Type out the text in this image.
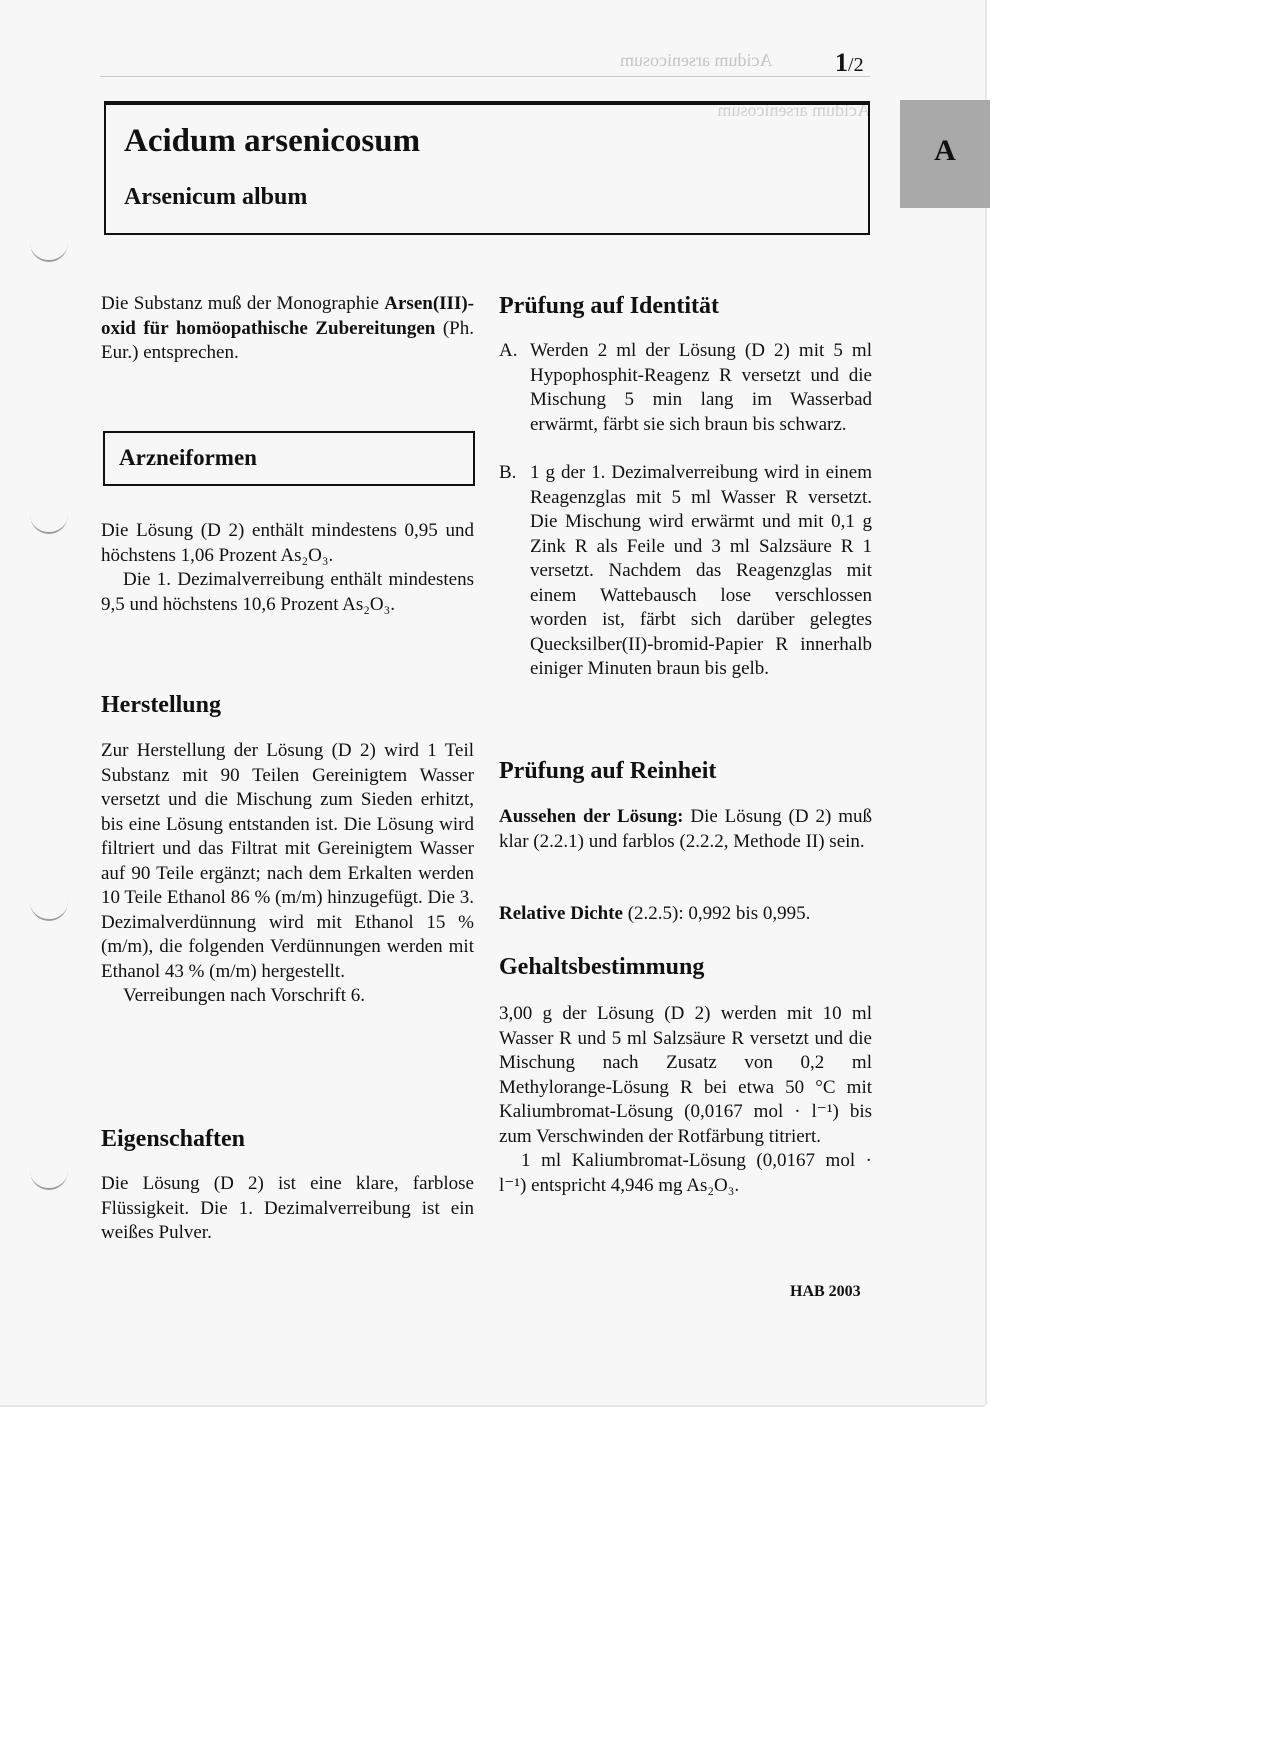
Acidum arsenicosum
Acidum arsenicosum 1/2
A
Acidum arsenicosum
Arsenicum album

Die Substanz muß der Monographie Arsen(III)-oxid für homöopathische Zubereitungen (Ph. Eur.) entsprechen.

Arzneiformen

Die Lösung (D 2) enthält mindestens 0,95 und höchstens 1,06 Prozent As₂O₃.

Die 1. Dezimalverreibung enthält mindestens 9,5 und höchstens 10,6 Prozent As₂O₃.

Herstellung

Zur Herstellung der Lösung (D 2) wird 1 Teil Substanz mit 90 Teilen Gereinigtem Wasser versetzt und die Mischung zum Sieden erhitzt, bis eine Lösung entstanden ist. Die Lösung wird filtriert und das Filtrat mit Gereinigtem Wasser auf 90 Teile ergänzt; nach dem Erkalten werden 10 Teile Ethanol 86 % (m/m) hinzugefügt. Die 3. Dezimalverdünnung wird mit Ethanol 15 % (m/m), die folgenden Verdünnungen werden mit Ethanol 43 % (m/m) hergestellt.

Verreibungen nach Vorschrift 6.

Eigenschaften

Die Lösung (D 2) ist eine klare, farblose Flüssigkeit. Die 1. Dezimalverreibung ist ein weißes Pulver.

Prüfung auf Identität
A. Werden 2 ml der Lösung (D 2) mit 5 ml Hypophosphit-Reagenz R versetzt und die Mischung 5 min lang im Wasserbad erwärmt, färbt sie sich braun bis schwarz.
B. 1 g der 1. Dezimalverreibung wird in einem Reagenzglas mit 5 ml Wasser R versetzt. Die Mischung wird erwärmt und mit 0,1 g Zink R als Feile und 3 ml Salzsäure R 1 versetzt. Nachdem das Reagenzglas mit einem Wattebausch lose verschlossen worden ist, färbt sich darüber gelegtes Quecksilber(II)-bromid-Papier R innerhalb einiger Minuten braun bis gelb.
Prüfung auf Reinheit

Aussehen der Lösung: Die Lösung (D 2) muß klar (2.2.1) und farblos (2.2.2, Methode II) sein.

Relative Dichte (2.2.5): 0,992 bis 0,995.

Gehaltsbestimmung

3,00 g der Lösung (D 2) werden mit 10 ml Wasser R und 5 ml Salzsäure R versetzt und die Mischung nach Zusatz von 0,2 ml Methylorange-Lösung R bei etwa 50 °C mit Kaliumbromat-Lösung (0,0167 mol · l⁻¹) bis zum Verschwinden der Rotfärbung titriert.

1 ml Kaliumbromat-Lösung (0,0167 mol · l⁻¹) entspricht 4,946 mg As₂O₃.

HAB 2003
